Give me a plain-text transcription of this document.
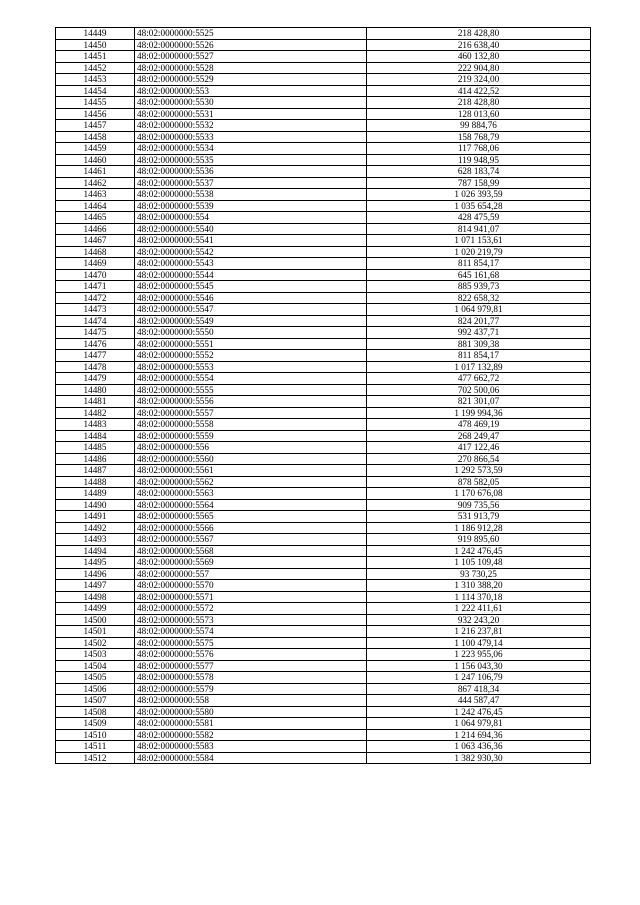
14449	48:02:0000000:5525	218 428,80
14450	48:02:0000000:5526	216 638,40
14451	48:02:0000000:5527	460 132,80
14452	48:02:0000000:5528	222 904,80
14453	48:02:0000000:5529	219 324,00
14454	48:02:0000000:553	414 422,52
14455	48:02:0000000:5530	218 428,80
14456	48:02:0000000:5531	128 013,60
14457	48:02:0000000:5532	99 884,76
14458	48:02:0000000:5533	158 768,79
14459	48:02:0000000:5534	117 768,06
14460	48:02:0000000:5535	119 948,95
14461	48:02:0000000:5536	628 183,74
14462	48:02:0000000:5537	787 158,99
14463	48:02:0000000:5538	1 026 393,59
14464	48:02:0000000:5539	1 035 654,28
14465	48:02:0000000:554	428 475,59
14466	48:02:0000000:5540	814 941,07
14467	48:02:0000000:5541	1 071 153,61
14468	48:02:0000000:5542	1 020 219,79
14469	48:02:0000000:5543	811 854,17
14470	48:02:0000000:5544	645 161,68
14471	48:02:0000000:5545	885 939,73
14472	48:02:0000000:5546	822 658,32
14473	48:02:0000000:5547	1 064 979,81
14474	48:02:0000000:5549	824 201,77
14475	48:02:0000000:5550	992 437,71
14476	48:02:0000000:5551	881 309,38
14477	48:02:0000000:5552	811 854,17
14478	48:02:0000000:5553	1 017 132,89
14479	48:02:0000000:5554	477 662,72
14480	48:02:0000000:5555	702 500,06
14481	48:02:0000000:5556	821 301,07
14482	48:02:0000000:5557	1 199 994,36
14483	48:02:0000000:5558	478 469,19
14484	48:02:0000000:5559	268 249,47
14485	48:02:0000000:556	417 122,46
14486	48:02:0000000:5560	270 866,54
14487	48:02:0000000:5561	1 292 573,59
14488	48:02:0000000:5562	878 582,05
14489	48:02:0000000:5563	1 170 676,08
14490	48:02:0000000:5564	909 735,56
14491	48:02:0000000:5565	531 913,79
14492	48:02:0000000:5566	1 186 912,28
14493	48:02:0000000:5567	919 895,60
14494	48:02:0000000:5568	1 242 476,45
14495	48:02:0000000:5569	1 105 109,48
14496	48:02:0000000:557	93 730,25
14497	48:02:0000000:5570	1 310 388,20
14498	48:02:0000000:5571	1 114 370,18
14499	48:02:0000000:5572	1 222 411,61
14500	48:02:0000000:5573	932 243,20
14501	48:02:0000000:5574	1 216 237,81
14502	48:02:0000000:5575	1 100 479,14
14503	48:02:0000000:5576	1 223 955,06
14504	48:02:0000000:5577	1 156 043,30
14505	48:02:0000000:5578	1 247 106,79
14506	48:02:0000000:5579	867 418,34
14507	48:02:0000000:558	444 587,47
14508	48:02:0000000:5580	1 242 476,45
14509	48:02:0000000:5581	1 064 979,81
14510	48:02:0000000:5582	1 214 694,36
14511	48:02:0000000:5583	1 063 436,36
14512	48:02:0000000:5584	1 382 930,30
